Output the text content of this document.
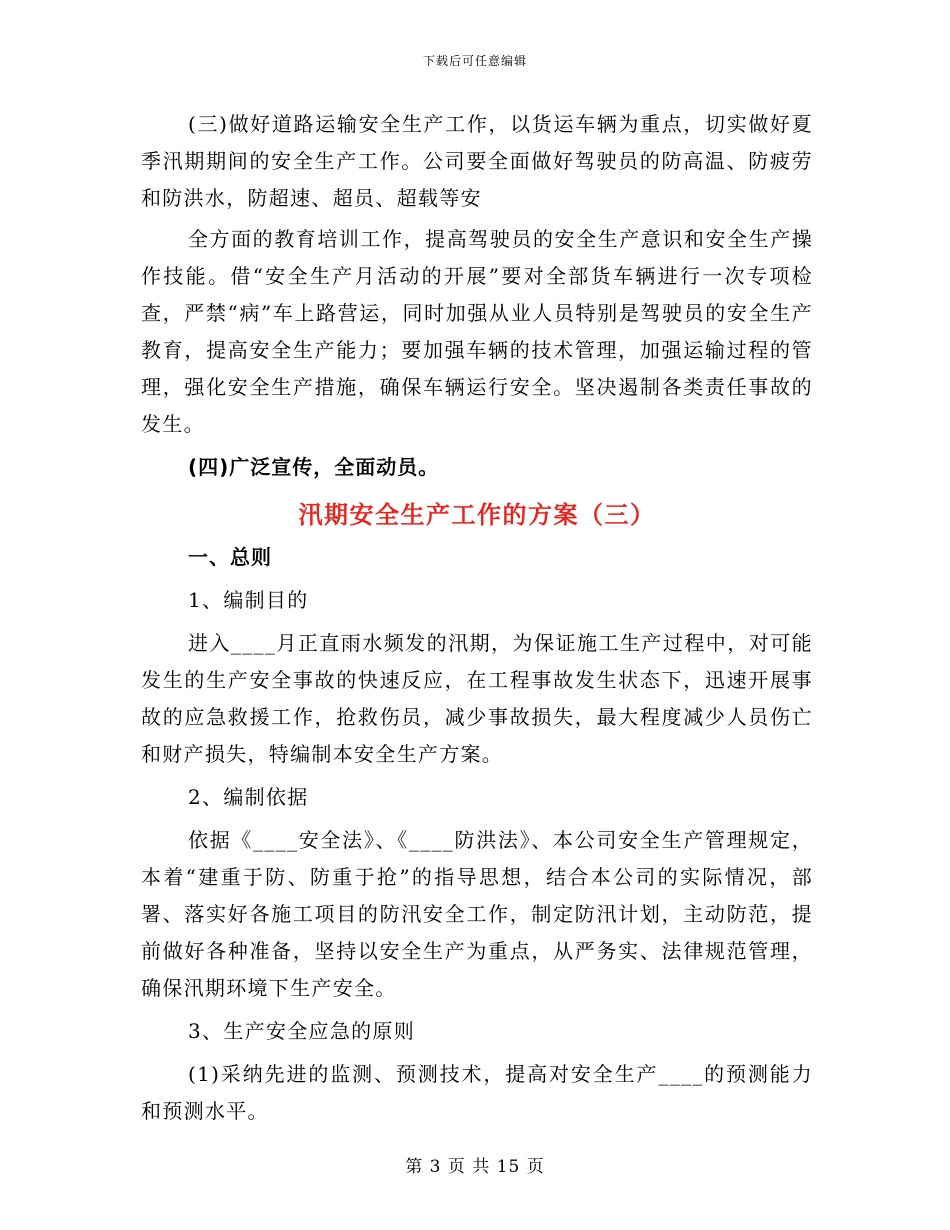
下载后可任意编辑

(三)做好道路运输安全生产工作，以货运车辆为重点，切实做好夏季汛期期间的安全生产工作。公司要全面做好驾驶员的防高温、防疲劳和防洪水，防超速、超员、超载等安

全方面的教育培训工作，提高驾驶员的安全生产意识和安全生产操作技能。借“安全生产月活动的开展”要对全部货车辆进行一次专项检查，严禁“病”车上路营运，同时加强从业人员特别是驾驶员的安全生产教育，提高安全生产能力；要加强车辆的技术管理，加强运输过程的管理，强化安全生产措施，确保车辆运行安全。坚决遏制各类责任事故的发生。

(四)广泛宣传，全面动员。

汛期安全生产工作的方案（三）

一、总则

1、编制目的

进入____月正直雨水频发的汛期，为保证施工生产过程中，对可能发生的生产安全事故的快速反应，在工程事故发生状态下，迅速开展事故的应急救援工作，抢救伤员，减少事故损失，最大程度减少人员伤亡和财产损失，特编制本安全生产方案。

2、编制依据

依据《____安全法》、《____防洪法》、本公司安全生产管理规定，本着“建重于防、防重于抢”的指导思想，结合本公司的实际情况，部署、落实好各施工项目的防汛安全工作，制定防汛计划，主动防范，提前做好各种准备，坚持以安全生产为重点，从严务实、法律规范管理，确保汛期环境下生产安全。

3、生产安全应急的原则

(1)采纳先进的监测、预测技术，提高对安全生产____的预测能力和预测水平。

第 3 页 共 15 页
